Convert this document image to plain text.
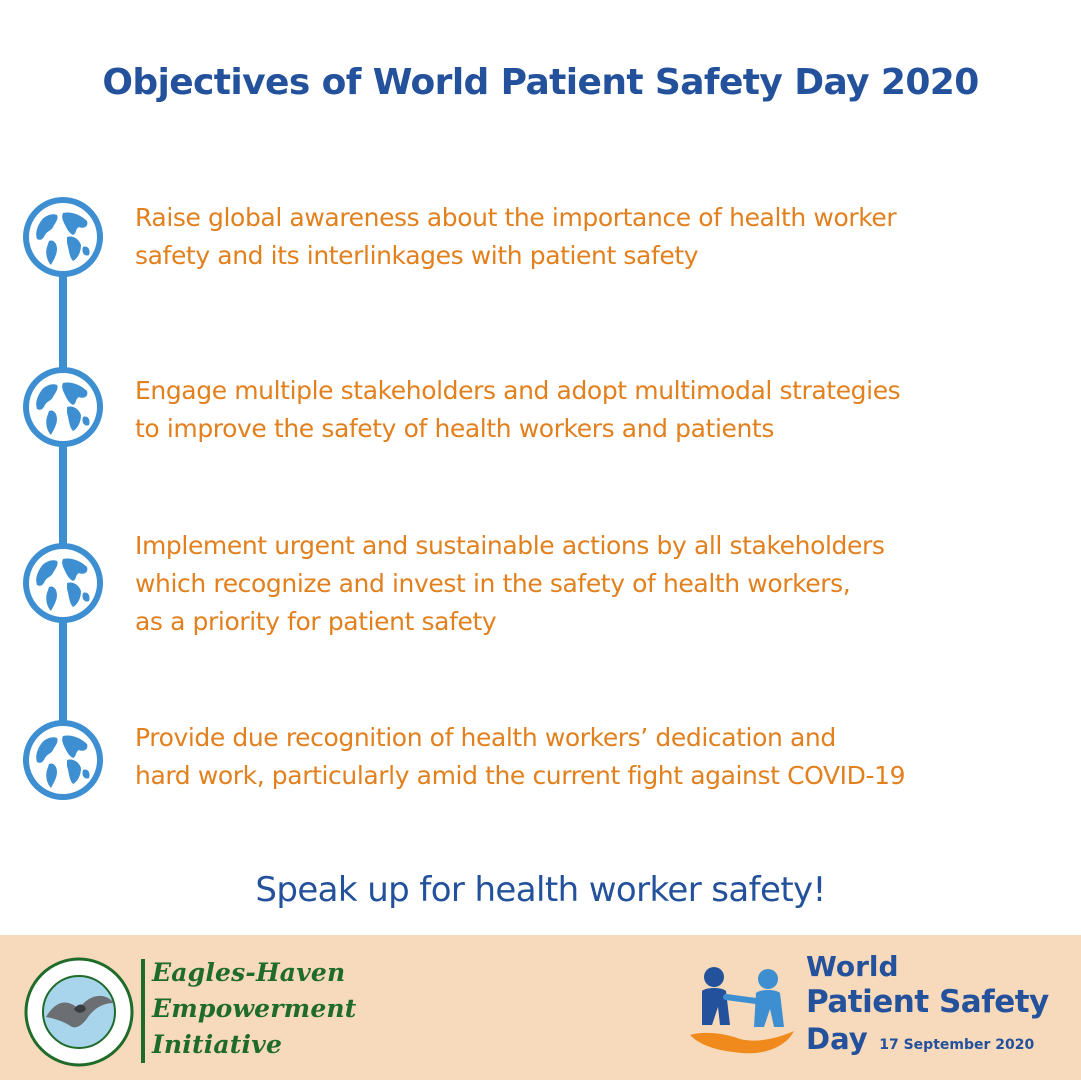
Objectives of World Patient Safety Day 2020
Raise global awareness about the importance of health worker
safety and its interlinkages with patient safety
Engage multiple stakeholders and adopt multimodal strategies
to improve the safety of health workers and patients
Implement urgent and sustainable actions by all stakeholders
which recognize and invest in the safety of health workers,
as a priority for patient safety
Provide due recognition of health workers’ dedication and
hard work, particularly amid the current fight against COVID-19
Speak up for health worker safety!
Eagles-Haven
Empowerment
Initiative
World
Patient Safety
Day 17 September 2020
